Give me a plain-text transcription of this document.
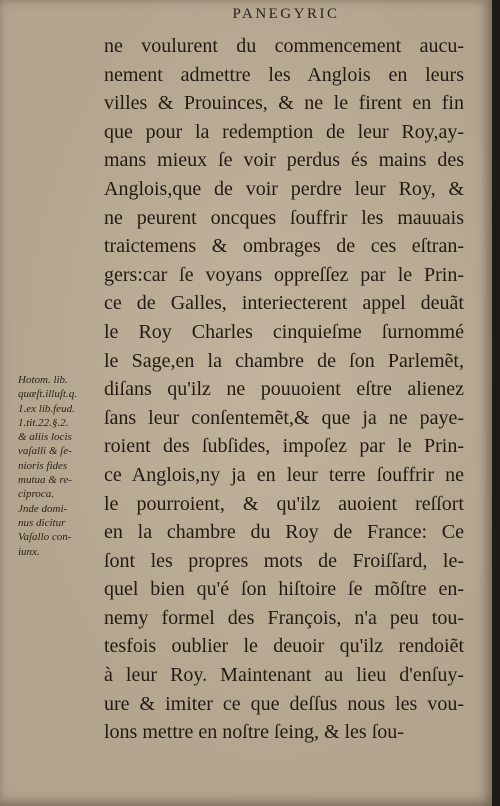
PANEGYRIC
ne voulurent du commencement aucu-
nement admettre les Anglois en leurs
villes & Prouinces, & ne le firent en fin
que pour la redemption de leur Roy,ay-
mans mieux ſe voir perdus és mains des
Anglois,que de voir perdre leur Roy, &
ne peurent oncques ſouffrir les mauuais
traictemens & ombrages de ces eſtran-
gers:car ſe voyans oppreſſez par le Prin-
ce de Galles, interiecterent appel deuãt
le Roy Charles cinquieſme ſurnommé
le Sage,en la chambre de ſon Parlemẽt,
diſans qu'ilz ne pouuoient eſtre alienez
ſans leur conſentemẽt,& que ja ne paye-
roient des ſubſides, impoſez par le Prin-
ce Anglois,ny ja en leur terre ſouffrir ne
le pourroient, & qu'ilz auoient reſſort
en la chambre du Roy de France: Ce
ſont les propres mots de Froiſſard, le-
quel bien qu'é ſon hiſtoire ſe mõſtre en-
nemy formel des François, n'a peu tou-
tesfois oublier le deuoir qu'ilz rendoiẽt
à leur Roy. Maintenant au lieu d'enſuy-
ure & imiter ce que deſſus nous les vou-
lons mettre en noſtre ſeing, & les ſou-
Hotom. lib.
quæſt.illuſt.q.
1.ex lib.feud.
1.tit.22.§.2.
& aliis locis
vaſalli & ſe-
nioris fides
mutua & re-
ciproca.
Jnde domi-
nus dicitur
Vaſallo con-
iunx.
